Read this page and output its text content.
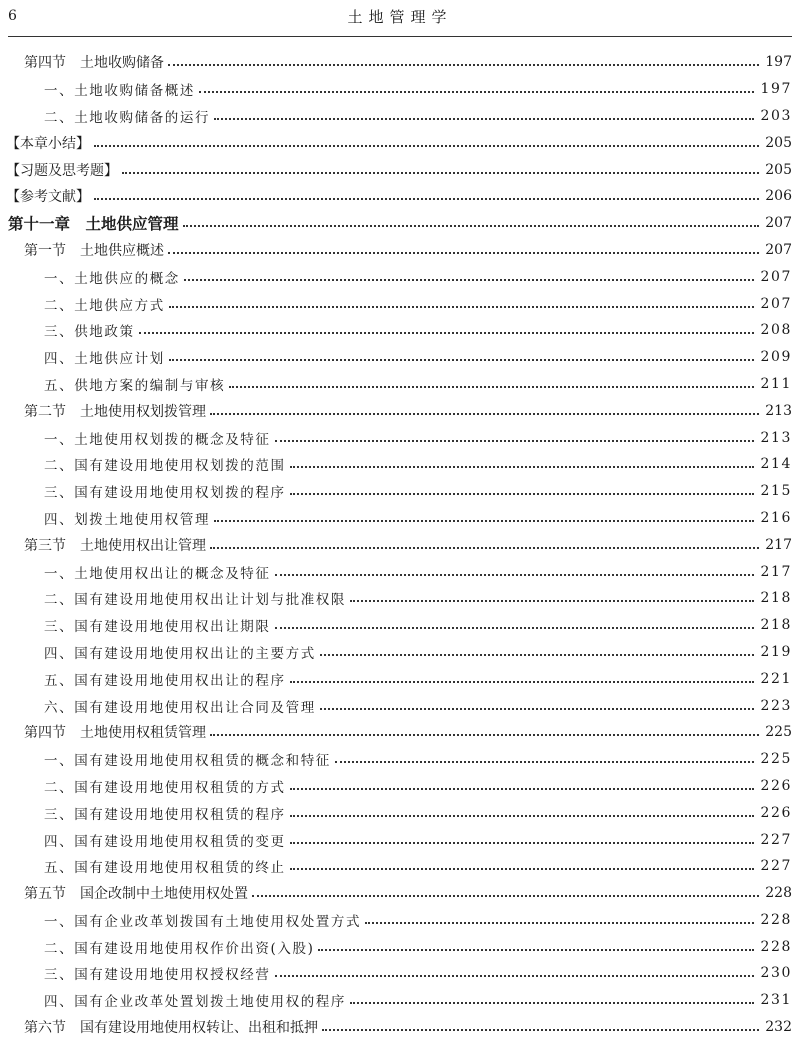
6	土地管理学
第四节　土地收购储备	197
一、土地收购储备概述	197
二、土地收购储备的运行	203
【本章小结】	205
【习题及思考题】	205
【参考文献】	206
第十一章　土地供应管理	207
第一节　土地供应概述	207
一、土地供应的概念	207
二、土地供应方式	207
三、供地政策	208
四、土地供应计划	209
五、供地方案的编制与审核	211
第二节　土地使用权划拨管理	213
一、土地使用权划拨的概念及特征	213
二、国有建设用地使用权划拨的范围	214
三、国有建设用地使用权划拨的程序	215
四、划拨土地使用权管理	216
第三节　土地使用权出让管理	217
一、土地使用权出让的概念及特征	217
二、国有建设用地使用权出让计划与批准权限	218
三、国有建设用地使用权出让期限	218
四、国有建设用地使用权出让的主要方式	219
五、国有建设用地使用权出让的程序	221
六、国有建设用地使用权出让合同及管理	223
第四节　土地使用权租赁管理	225
一、国有建设用地使用权租赁的概念和特征	225
二、国有建设用地使用权租赁的方式	226
三、国有建设用地使用权租赁的程序	226
四、国有建设用地使用权租赁的变更	227
五、国有建设用地使用权租赁的终止	227
第五节　国企改制中土地使用权处置	228
一、国有企业改革划拨国有土地使用权处置方式	228
二、国有建设用地使用权作价出资(入股)	228
三、国有建设用地使用权授权经营	230
四、国有企业改革处置划拨土地使用权的程序	231
第六节　国有建设用地使用权转让、出租和抵押	232
